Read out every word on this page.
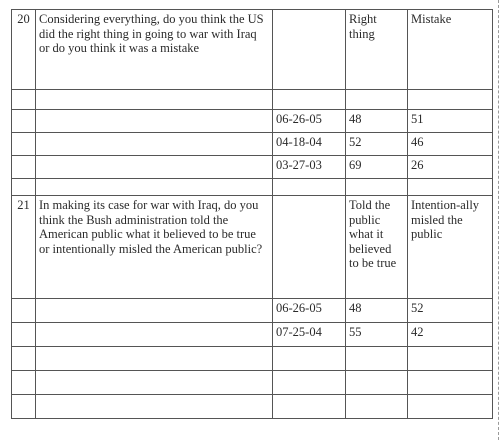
20	Considering everything, do you think the US did the right thing in going to war with Iraq or do you think it was a mistake		Right thing	Mistake

		06-26-05	48	51
		04-18-04	52	46
		03-27-03	69	26

21	In making its case for war with Iraq, do you think the Bush administration told the American public what it believed to be true or intentionally misled the American public?		Told the public what it believed to be true	Intention-ally misled the public
		06-26-05	48	52
		07-25-04	55	42
